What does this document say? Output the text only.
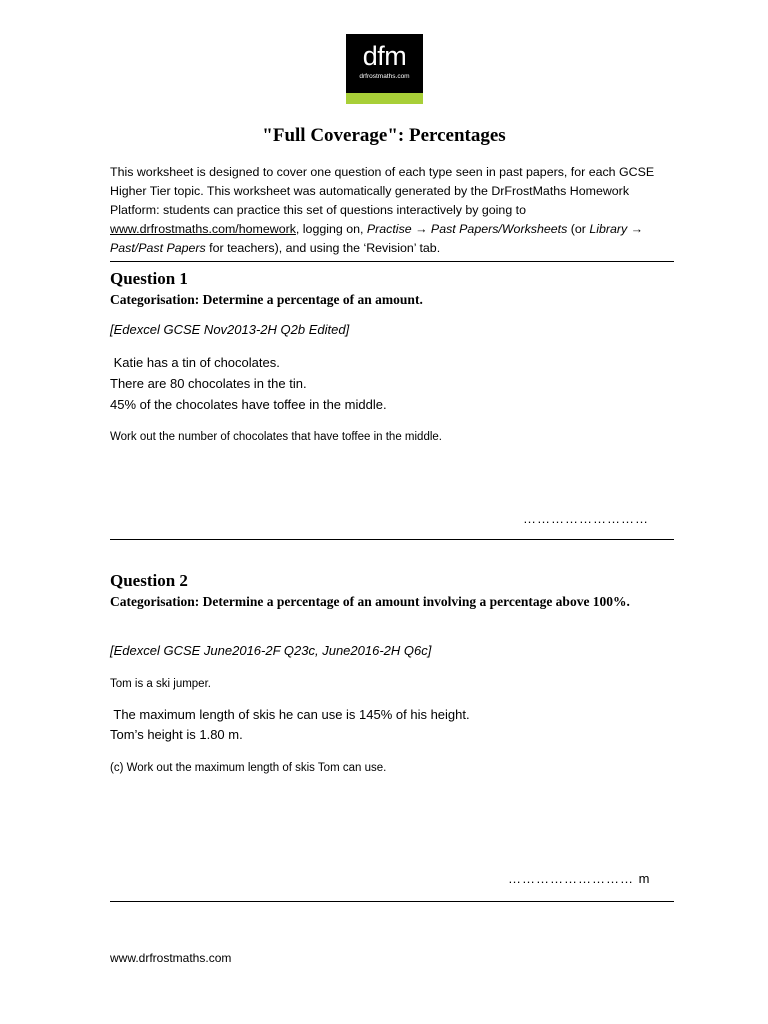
dfm
drfrostmaths.com
"Full Coverage": Percentages
This worksheet is designed to cover one question of each type seen in past papers, for each GCSE Higher Tier topic. This worksheet was automatically generated by the DrFrostMaths Homework Platform: students can practice this set of questions interactively by going to www.drfrostmaths.com/homework, logging on, Practise → Past Papers/Worksheets (or Library → Past/Past Papers for teachers), and using the ‘Revision’ tab.
Question 1
Categorisation: Determine a percentage of an amount.
[Edexcel GCSE Nov2013-2H Q2b Edited]
Katie has a tin of chocolates.
There are 80 chocolates in the tin.
45% of the chocolates have toffee in the middle.
Work out the number of chocolates that have toffee in the middle.
………………………
Question 2
Categorisation: Determine a percentage of an amount involving a percentage above 100%.
[Edexcel GCSE June2016-2F Q23c, June2016-2H Q6c]
Tom is a ski jumper.
The maximum length of skis he can use is 145% of his height.
Tom’s height is 1.80 m.
(c) Work out the maximum length of skis Tom can use.
……………………… m
www.drfrostmaths.com
